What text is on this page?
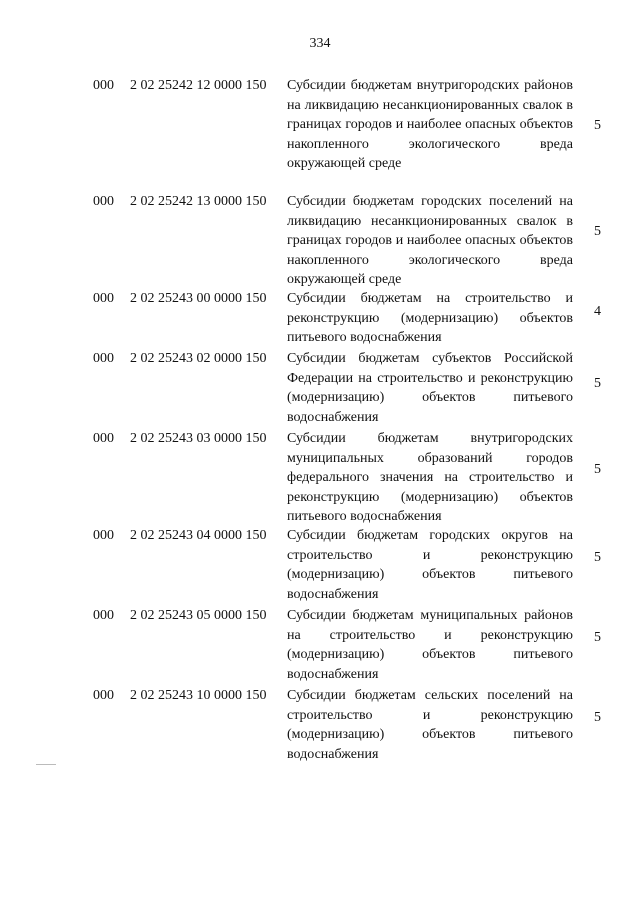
334
000 2 02 25242 12 0000 150 Субсидии бюджетам внутригородских районов на ликвидацию несанкционированных свалок в границах городов и наиболее опасных объектов накопленного экологического вреда окружающей среде
5
000 2 02 25242 13 0000 150 Субсидии бюджетам городских поселений на ликвидацию несанкционированных свалок в границах городов и наиболее опасных объектов накопленного экологического вреда окружающей среде
5
000 2 02 25243 00 0000 150 Субсидии бюджетам на строительство и реконструкцию (модернизацию) объектов питьевого водоснабжения
4
000 2 02 25243 02 0000 150 Субсидии бюджетам субъектов Российской Федерации на строительство и реконструкцию (модернизацию) объектов питьевого водоснабжения
5
000 2 02 25243 03 0000 150 Субсидии бюджетам внутригородских муниципальных образований городов федерального значения на строительство и реконструкцию (модернизацию) объектов питьевого водоснабжения
5
000 2 02 25243 04 0000 150 Субсидии бюджетам городских округов на строительство и реконструкцию (модернизацию) объектов питьевого водоснабжения
5
000 2 02 25243 05 0000 150 Субсидии бюджетам муниципальных районов на строительство и реконструкцию (модернизацию) объектов питьевого водоснабжения
5
000 2 02 25243 10 0000 150 Субсидии бюджетам сельских поселений на строительство и реконструкцию (модернизацию) объектов питьевого водоснабжения
5
